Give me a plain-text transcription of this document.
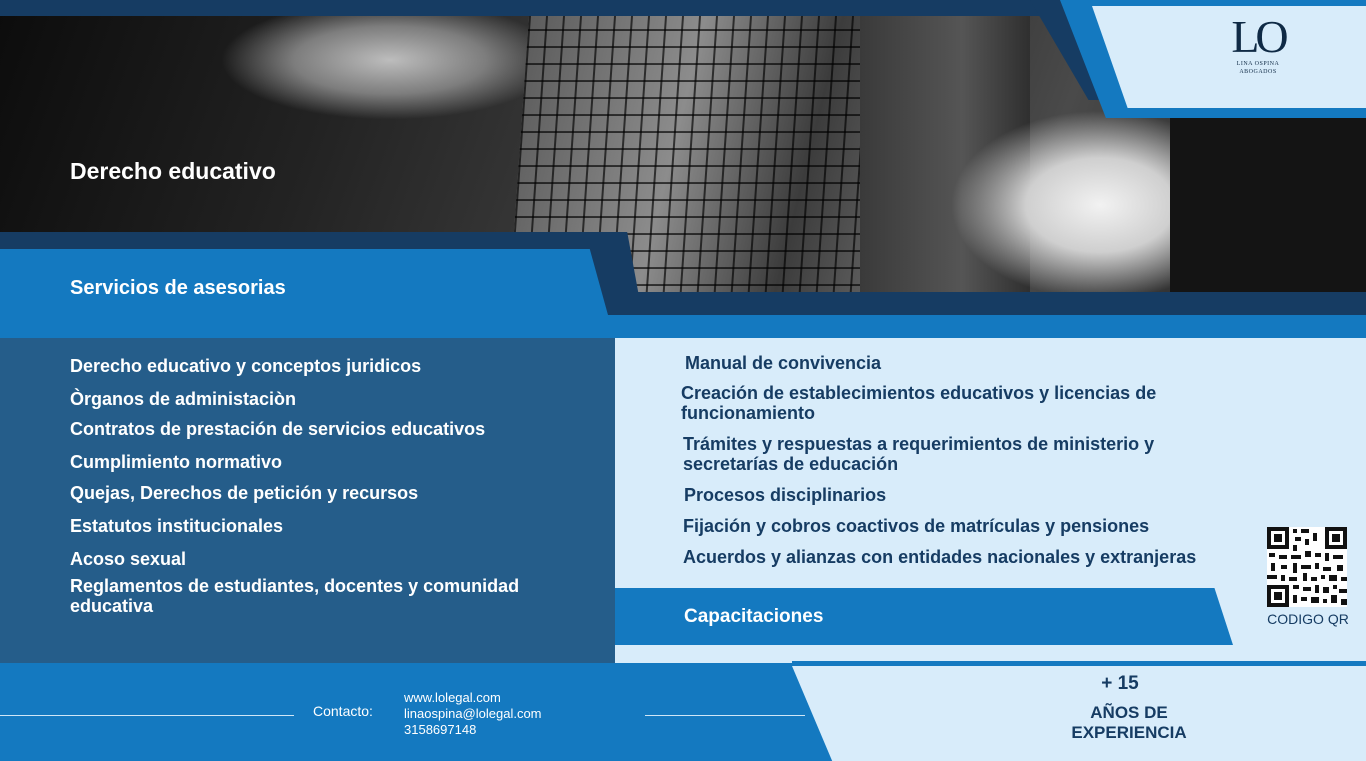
LO
LINA OSPINA
ABOGADOS
Derecho educativo
Servicios de asesorias
Derecho educativo y conceptos juridicos
Òrganos de administaciòn
Contratos de prestación de servicios educativos
Cumplimiento normativo
Quejas, Derechos de petición y recursos
Estatutos institucionales
Acoso sexual
Reglamentos de estudiantes, docentes y comunidad
educativa
Manual de convivencia
Creación de establecimientos educativos y licencias de
funcionamiento
Trámites y respuestas a requerimientos de ministerio y
secretarías de educación
Procesos disciplinarios
Fijación y cobros coactivos de matrículas y pensiones
Acuerdos y alianzas con entidades nacionales y extranjeras
Capacitaciones	CODIGO QR
Contacto:
www.lolegal.com
linaospina@lolegal.com
3158697148
+ 15
AÑOS DE
EXPERIENCIA
